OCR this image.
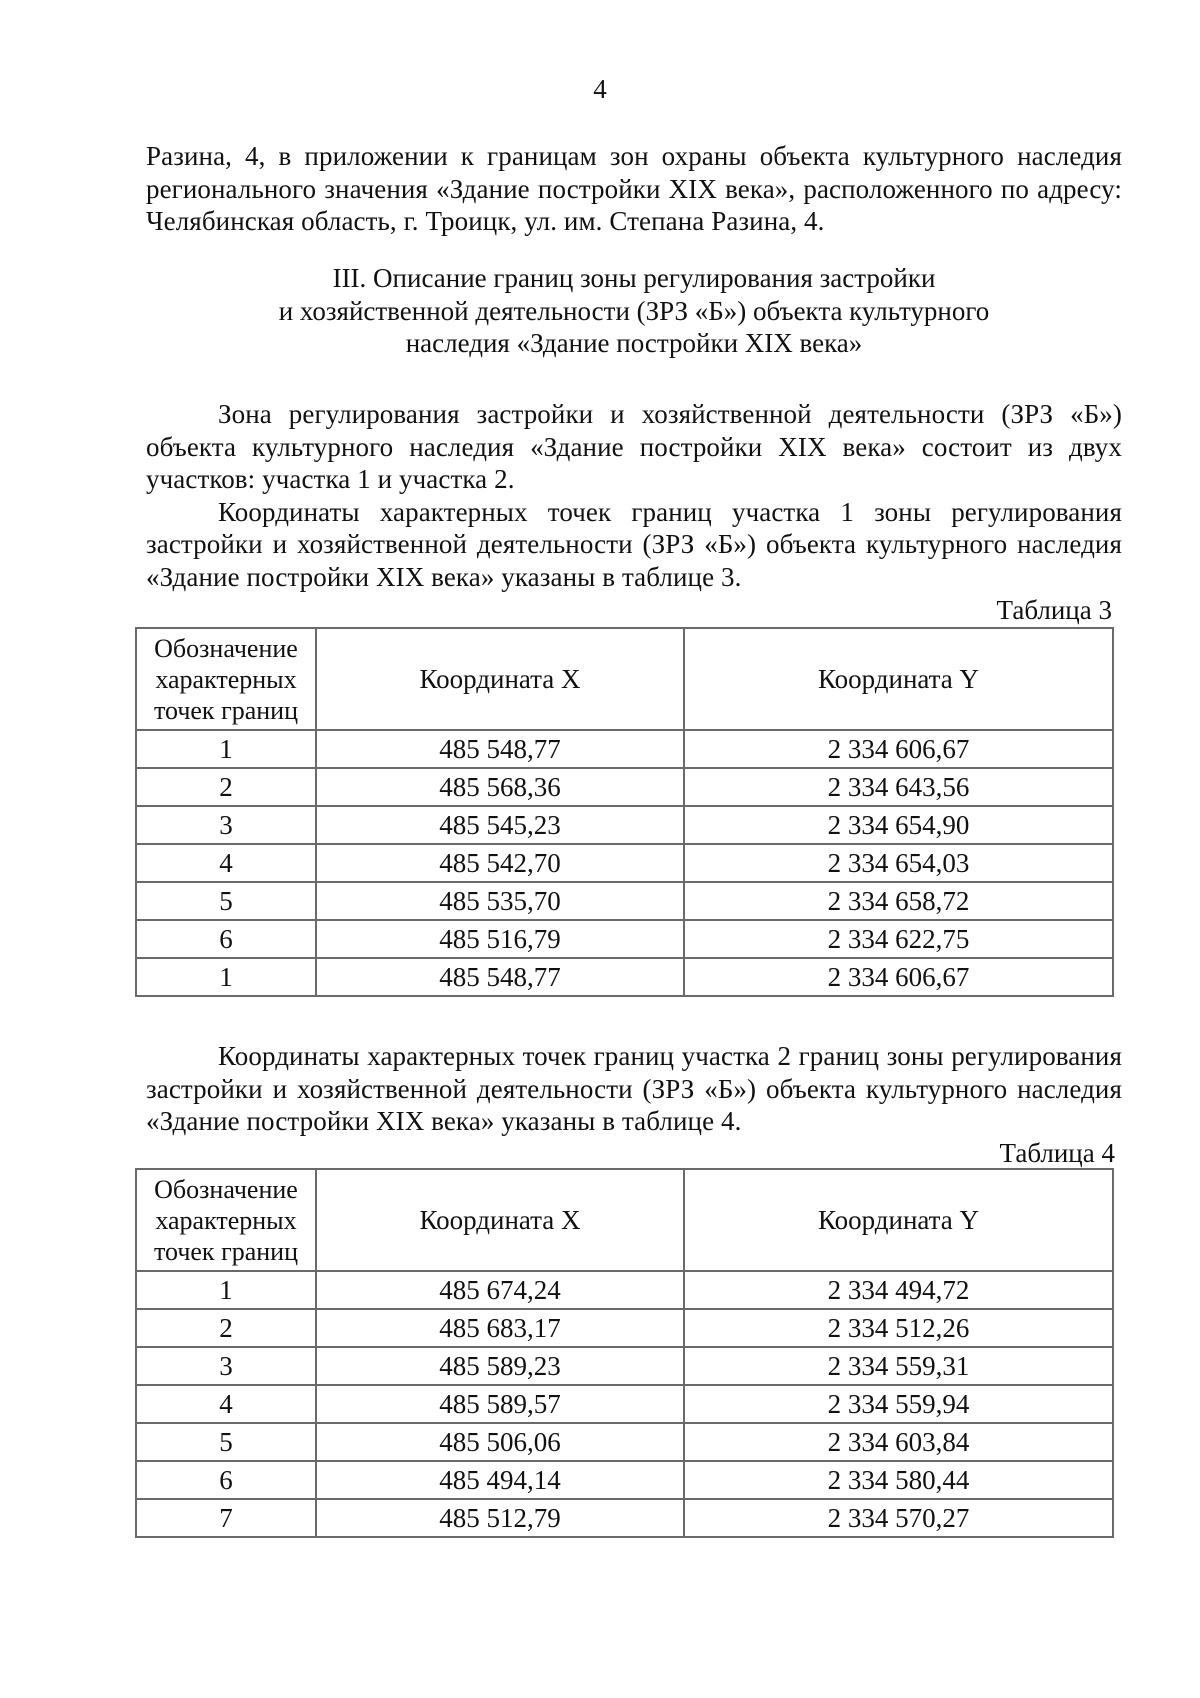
4

Разина, 4, в приложении к границам зон охраны объекта культурного наследия регионального значения «Здание постройки XIX века», расположенного по адресу: Челябинская область, г. Троицк, ул. им. Степана Разина, 4.

III. Описание границ зоны регулирования застройки
и хозяйственной деятельности (ЗРЗ «Б») объекта культурного
наследия «Здание постройки XIX века»

Зона регулирования застройки и хозяйственной деятельности (ЗРЗ «Б») объекта культурного наследия «Здание постройки XIX века» состоит из двух участков: участка 1 и участка 2.

Координаты характерных точек границ участка 1 зоны регулирования застройки и хозяйственной деятельности (ЗРЗ «Б») объекта культурного наследия «Здание постройки XIX века» указаны в таблице 3.

Таблица 3
Обозначение
характерных
точек границ	Координата X	Координата Y
1	485 548,77	2 334 606,67
2	485 568,36	2 334 643,56
3	485 545,23	2 334 654,90
4	485 542,70	2 334 654,03
5	485 535,70	2 334 658,72
6	485 516,79	2 334 622,75
1	485 548,77	2 334 606,67

Координаты характерных точек границ участка 2 границ зоны регулирования застройки и хозяйственной деятельности (ЗРЗ «Б») объекта культурного наследия «Здание постройки XIX века» указаны в таблице 4.

Таблица 4
Обозначение
характерных
точек границ	Координата X	Координата Y
1	485 674,24	2 334 494,72
2	485 683,17	2 334 512,26
3	485 589,23	2 334 559,31
4	485 589,57	2 334 559,94
5	485 506,06	2 334 603,84
6	485 494,14	2 334 580,44
7	485 512,79	2 334 570,27
